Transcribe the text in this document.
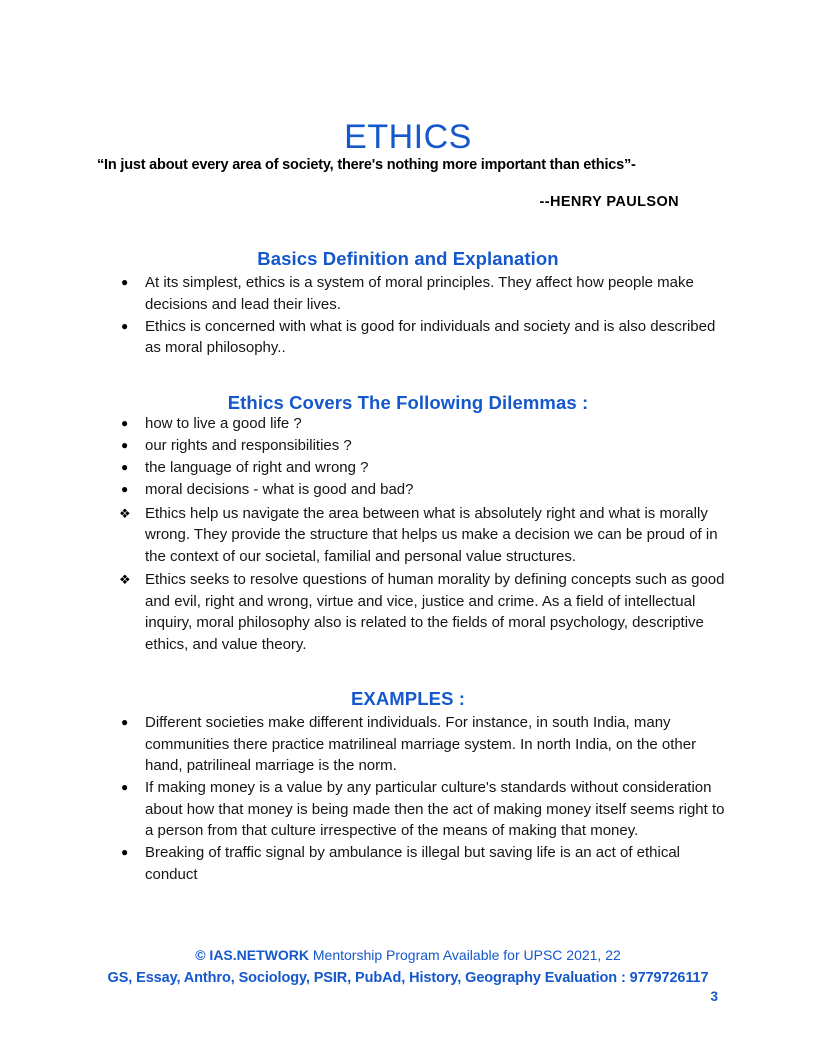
ETHICS
“In just about every area of society, there's nothing more important than ethics”-
--HENRY PAULSON
Basics Definition and Explanation
●	At its simplest, ethics is a system of moral principles. They affect how people make decisions and lead their lives.
●	Ethics is concerned with what is good for individuals and society and is also described as moral philosophy..
Ethics Covers The Following Dilemmas :
●	how to live a good life ?
●	our rights and responsibilities ?
●	the language of right and wrong ?
●	moral decisions - what is good and bad?
❖ Ethics help us navigate the area between what is absolutely right and what is morally wrong. They provide the structure that helps us make a decision we can be proud of in the context of our societal, familial and personal value structures.
❖ Ethics seeks to resolve questions of human morality by defining concepts such as good and evil, right and wrong, virtue and vice, justice and crime. As a field of intellectual inquiry, moral philosophy also is related to the fields of moral psychology, descriptive ethics, and value theory.
EXAMPLES :
●	Different societies make different individuals. For instance, in south India, many communities there practice matrilineal marriage system. In north India, on the other hand, patrilineal marriage is the norm.
●	If making money is a value by any particular culture's standards without consideration about how that money is being made then the act of making money itself seems right to a person from that culture irrespective of the means of making that money.
●	Breaking of traffic signal by ambulance is illegal but saving life is an act of ethical conduct
© IAS.NETWORK Mentorship Program Available for UPSC 2021, 22
GS, Essay, Anthro, Sociology, PSIR, PubAd, History, Geography Evaluation : 9779726117
3
